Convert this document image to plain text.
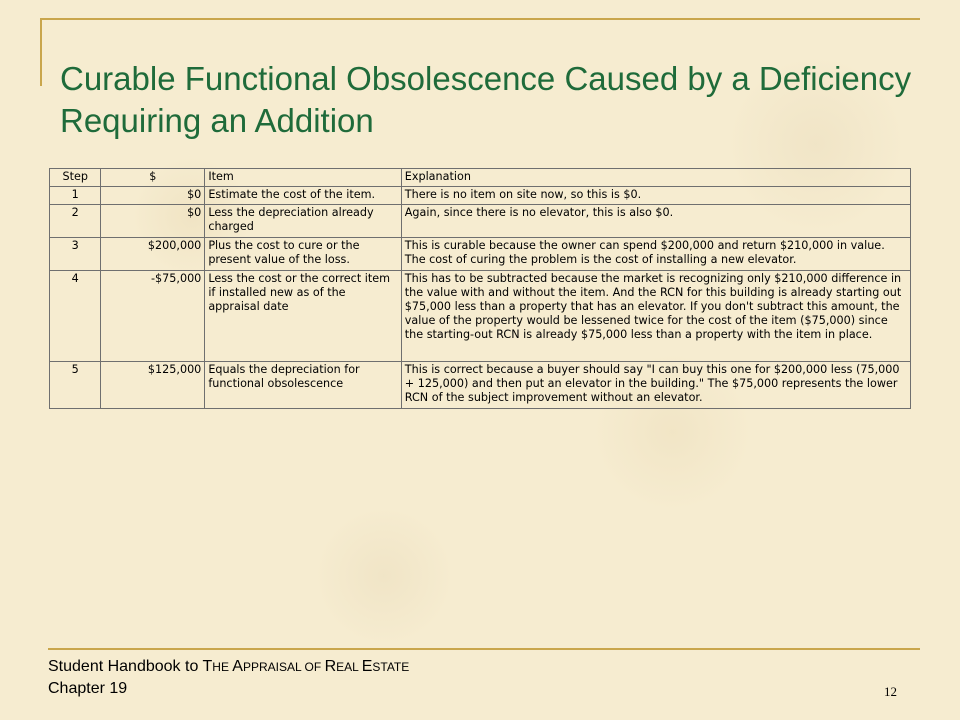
Curable Functional Obsolescence Caused by a Deficiency Requiring an Addition
Step	$	Item	Explanation
1	$0	Estimate the cost of the item.	There is no item on site now, so this is $0.
2	$0	Less the depreciation already charged	Again, since there is no elevator, this is also $0.
3	$200,000	Plus the cost to cure or the present value of the loss.	This is curable because the owner can spend $200,000 and return $210,000 in value. The cost of curing the problem is the cost of installing a new elevator.
4	-$75,000	Less the cost or the correct item if installed new as of the appraisal date	This has to be subtracted because the market is recognizing only $210,000 difference in the value with and without the item. And the RCN for this building is already starting out $75,000 less than a property that has an elevator. If you don't subtract this amount, the value of the property would be lessened twice for the cost of the item ($75,000) since the starting-out RCN is already $75,000 less than a property with the item in place.
5	$125,000	Equals the depreciation for functional obsolescence	This is correct because a buyer should say "I can buy this one for $200,000 less (75,000 + 125,000) and then put an elevator in the building." The $75,000 represents the lower RCN of the subject improvement without an elevator.
Student Handbook to THE APPRAISAL OF REAL ESTATE
Chapter 19	12
